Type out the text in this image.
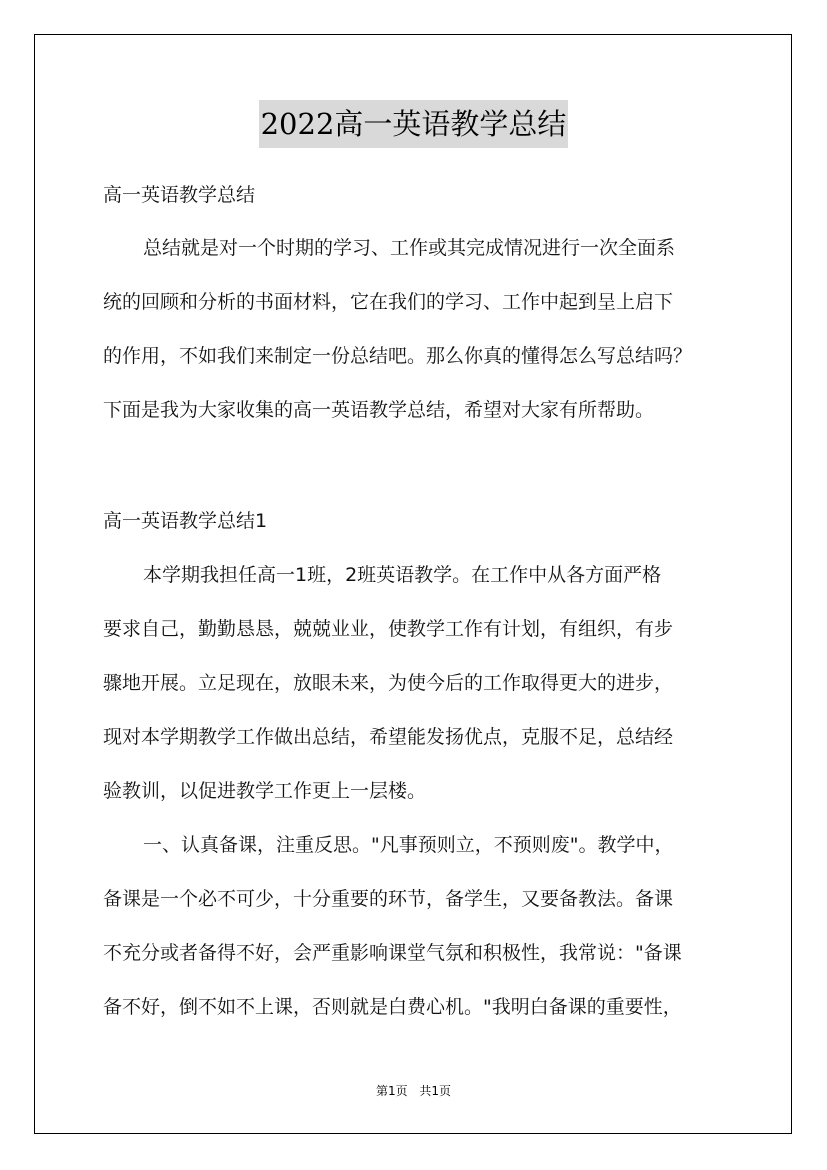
2022高一英语教学总结
高一英语教学总结
总结就是对一个时期的学习、工作或其完成情况进行一次全面系
统的回顾和分析的书面材料，它在我们的学习、工作中起到呈上启下
的作用，不如我们来制定一份总结吧。那么你真的懂得怎么写总结吗？
下面是我为大家收集的高一英语教学总结，希望对大家有所帮助。
高一英语教学总结1
本学期我担任高一1班，2班英语教学。在工作中从各方面严格
要求自己，勤勤恳恳，兢兢业业，使教学工作有计划，有组织，有步
骤地开展。立足现在，放眼未来，为使今后的工作取得更大的进步，
现对本学期教学工作做出总结，希望能发扬优点，克服不足，总结经
验教训，以促进教学工作更上一层楼。
一、认真备课，注重反思。"凡事预则立，不预则废"。教学中，
备课是一个必不可少，十分重要的环节，备学生，又要备教法。备课
不充分或者备得不好，会严重影响课堂气氛和积极性，我常说："备课
备不好，倒不如不上课，否则就是白费心机。"我明白备课的重要性，
第1页 共1页
